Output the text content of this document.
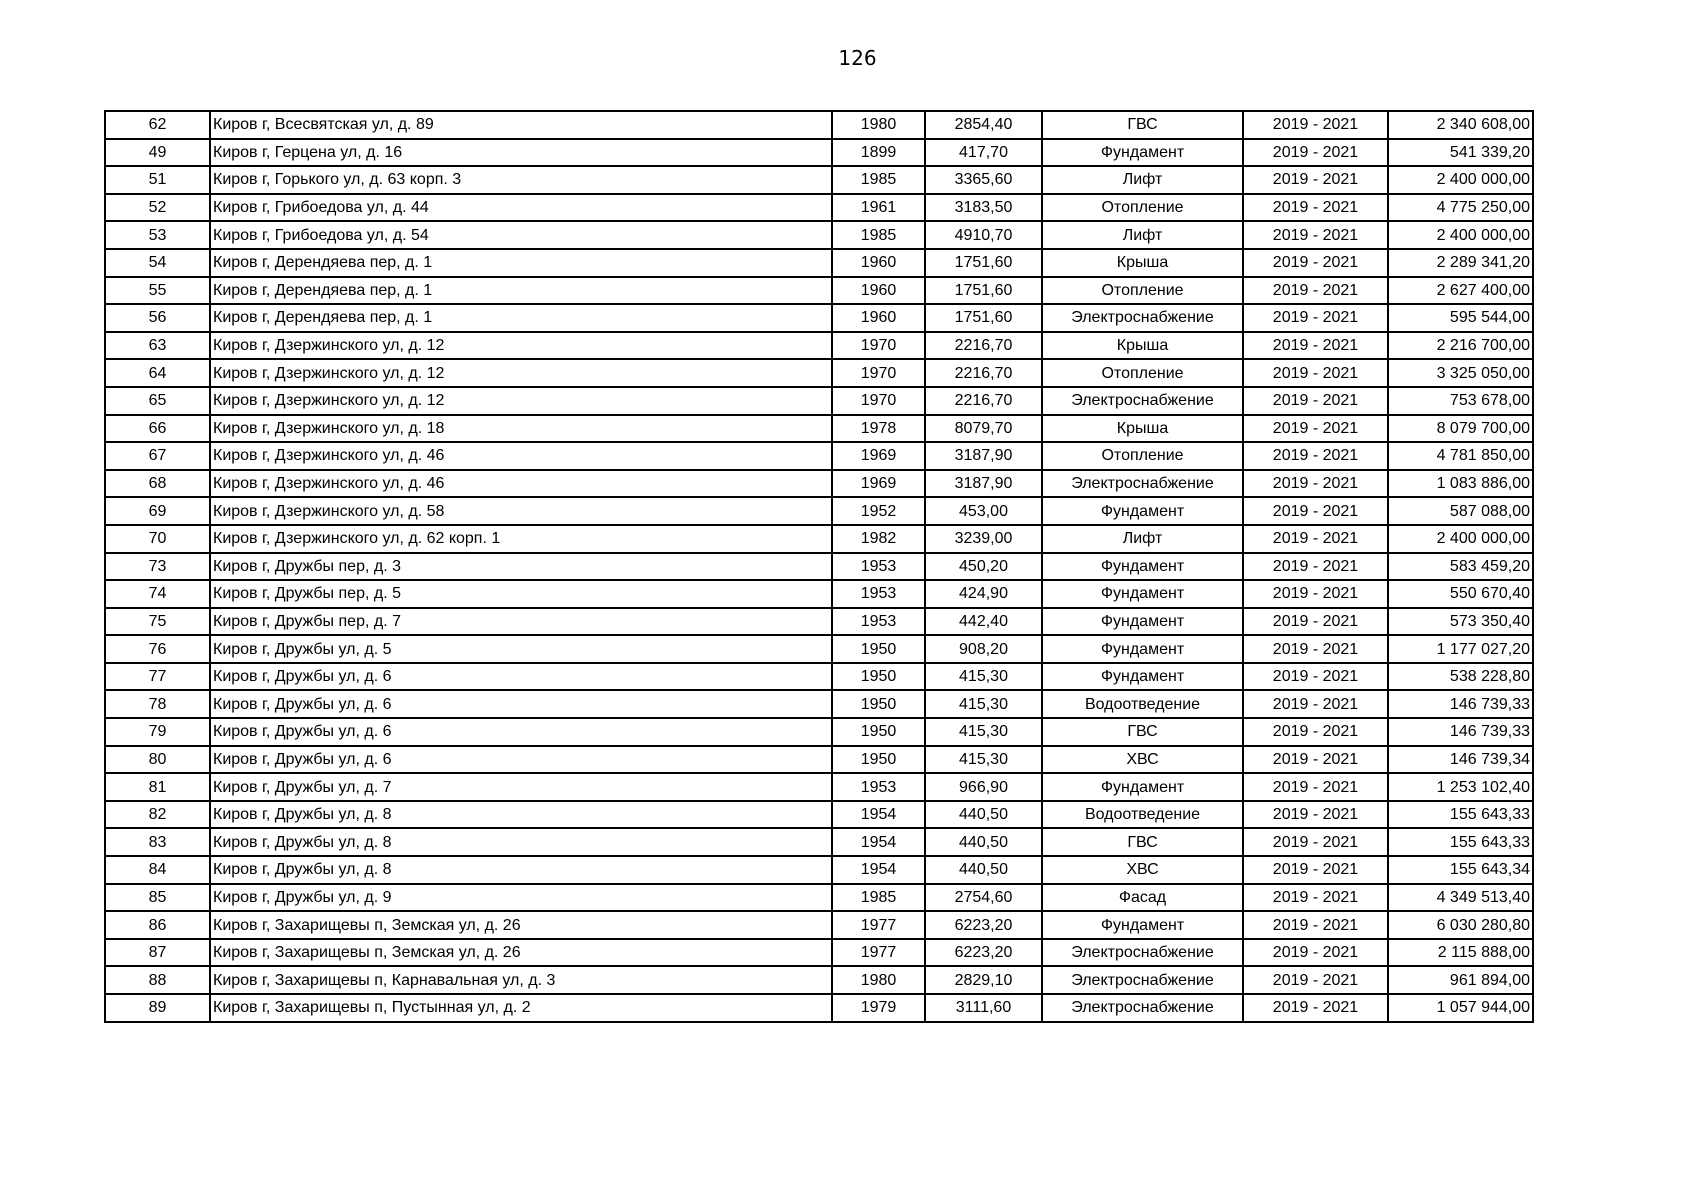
126
62	Киров г, Всесвятская ул, д. 89	1980	2854,40	ГВС	2019 - 2021	2 340 608,00
49	Киров г, Герцена ул, д. 16	1899	417,70	Фундамент	2019 - 2021	541 339,20
51	Киров г, Горького ул, д. 63 корп. 3	1985	3365,60	Лифт	2019 - 2021	2 400 000,00
52	Киров г, Грибоедова ул, д. 44	1961	3183,50	Отопление	2019 - 2021	4 775 250,00
53	Киров г, Грибоедова ул, д. 54	1985	4910,70	Лифт	2019 - 2021	2 400 000,00
54	Киров г, Дерендяева пер, д. 1	1960	1751,60	Крыша	2019 - 2021	2 289 341,20
55	Киров г, Дерендяева пер, д. 1	1960	1751,60	Отопление	2019 - 2021	2 627 400,00
56	Киров г, Дерендяева пер, д. 1	1960	1751,60	Электроснабжение	2019 - 2021	595 544,00
63	Киров г, Дзержинского ул, д. 12	1970	2216,70	Крыша	2019 - 2021	2 216 700,00
64	Киров г, Дзержинского ул, д. 12	1970	2216,70	Отопление	2019 - 2021	3 325 050,00
65	Киров г, Дзержинского ул, д. 12	1970	2216,70	Электроснабжение	2019 - 2021	753 678,00
66	Киров г, Дзержинского ул, д. 18	1978	8079,70	Крыша	2019 - 2021	8 079 700,00
67	Киров г, Дзержинского ул, д. 46	1969	3187,90	Отопление	2019 - 2021	4 781 850,00
68	Киров г, Дзержинского ул, д. 46	1969	3187,90	Электроснабжение	2019 - 2021	1 083 886,00
69	Киров г, Дзержинского ул, д. 58	1952	453,00	Фундамент	2019 - 2021	587 088,00
70	Киров г, Дзержинского ул, д. 62 корп. 1	1982	3239,00	Лифт	2019 - 2021	2 400 000,00
73	Киров г, Дружбы пер, д. 3	1953	450,20	Фундамент	2019 - 2021	583 459,20
74	Киров г, Дружбы пер, д. 5	1953	424,90	Фундамент	2019 - 2021	550 670,40
75	Киров г, Дружбы пер, д. 7	1953	442,40	Фундамент	2019 - 2021	573 350,40
76	Киров г, Дружбы ул, д. 5	1950	908,20	Фундамент	2019 - 2021	1 177 027,20
77	Киров г, Дружбы ул, д. 6	1950	415,30	Фундамент	2019 - 2021	538 228,80
78	Киров г, Дружбы ул, д. 6	1950	415,30	Водоотведение	2019 - 2021	146 739,33
79	Киров г, Дружбы ул, д. 6	1950	415,30	ГВС	2019 - 2021	146 739,33
80	Киров г, Дружбы ул, д. 6	1950	415,30	ХВС	2019 - 2021	146 739,34
81	Киров г, Дружбы ул, д. 7	1953	966,90	Фундамент	2019 - 2021	1 253 102,40
82	Киров г, Дружбы ул, д. 8	1954	440,50	Водоотведение	2019 - 2021	155 643,33
83	Киров г, Дружбы ул, д. 8	1954	440,50	ГВС	2019 - 2021	155 643,33
84	Киров г, Дружбы ул, д. 8	1954	440,50	ХВС	2019 - 2021	155 643,34
85	Киров г, Дружбы ул, д. 9	1985	2754,60	Фасад	2019 - 2021	4 349 513,40
86	Киров г, Захарищевы п, Земская ул, д. 26	1977	6223,20	Фундамент	2019 - 2021	6 030 280,80
87	Киров г, Захарищевы п, Земская ул, д. 26	1977	6223,20	Электроснабжение	2019 - 2021	2 115 888,00
88	Киров г, Захарищевы п, Карнавальная ул, д. 3	1980	2829,10	Электроснабжение	2019 - 2021	961 894,00
89	Киров г, Захарищевы п, Пустынная ул, д. 2	1979	3111,60	Электроснабжение	2019 - 2021	1 057 944,00
